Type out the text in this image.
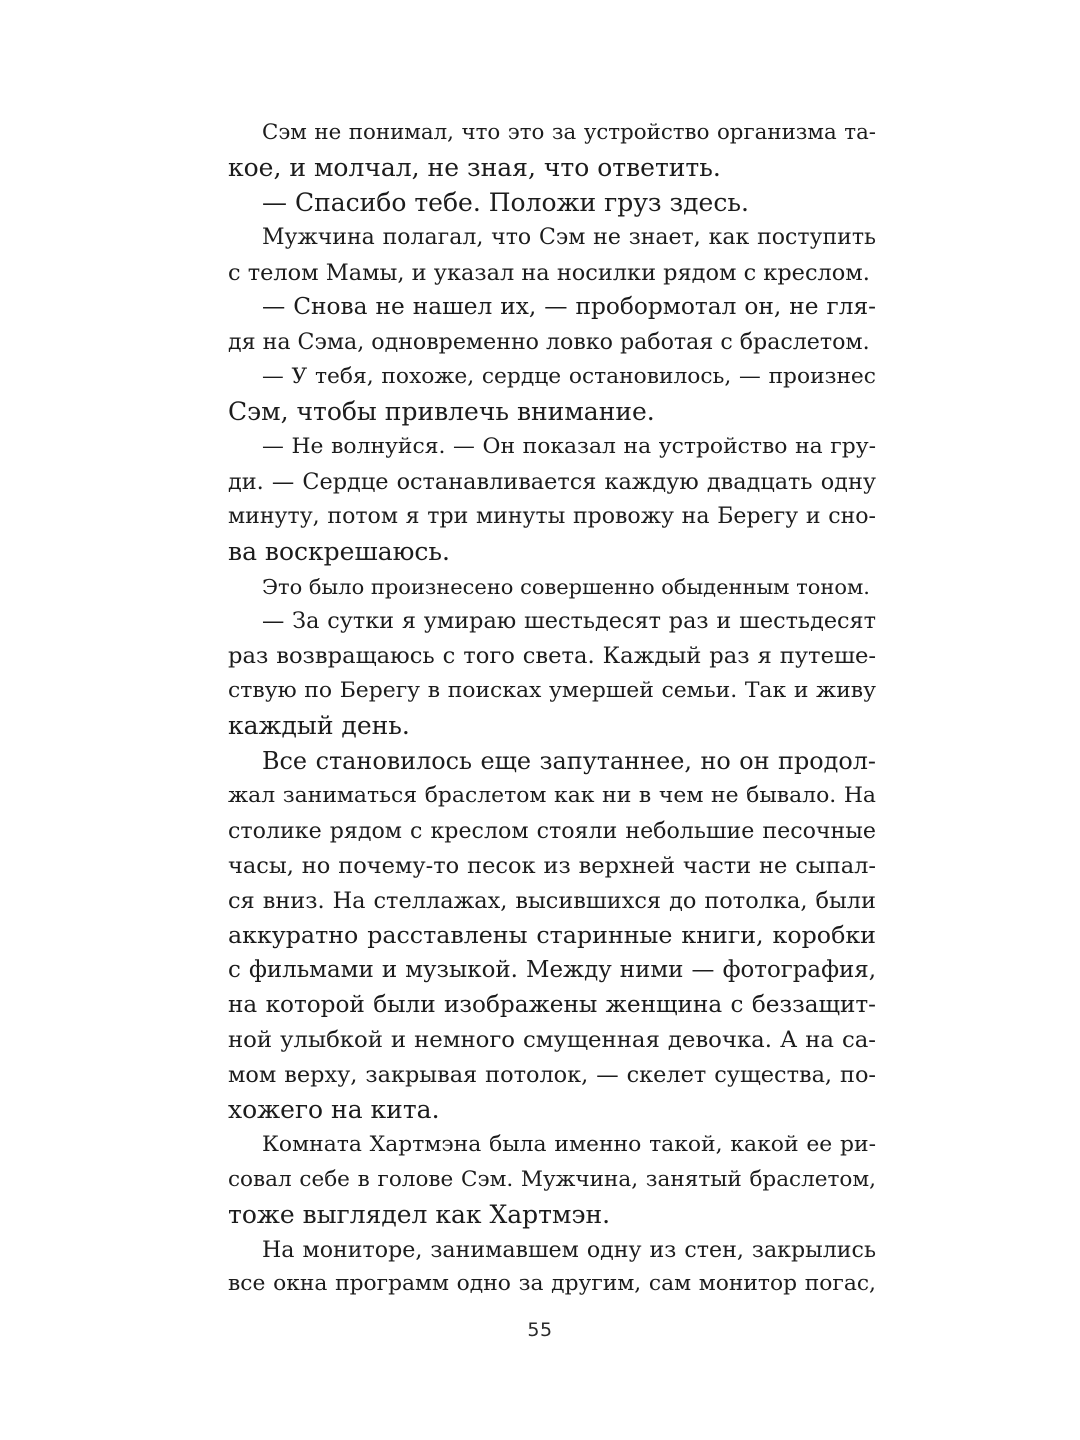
Сэм не понимал, что это за устройство организма та-
кое, и молчал, не зная, что ответить.
— Спасибо тебе. Положи груз здесь.
Мужчина полагал, что Сэм не знает, как поступить
с телом Мамы, и указал на носилки рядом с креслом.
— Снова не нашел их, — пробормотал он, не гля-
дя на Сэма, одновременно ловко работая с браслетом.
— У тебя, похоже, сердце остановилось, — произнес
Сэм, чтобы привлечь внимание.
— Не волнуйся. — Он показал на устройство на гру-
ди. — Сердце останавливается каждую двадцать одну
минуту, потом я три минуты провожу на Берегу и сно-
ва воскрешаюсь.
Это было произнесено совершенно обыденным тоном.
— За сутки я умираю шестьдесят раз и шестьдесят
раз возвращаюсь с того света. Каждый раз я путеше-
ствую по Берегу в поисках умершей семьи. Так и живу
каждый день.
Все становилось еще запутаннее, но он продол-
жал заниматься браслетом как ни в чем не бывало. На
столике рядом с креслом стояли небольшие песочные
часы, но почему-то песок из верхней части не сыпал-
ся вниз. На стеллажах, высившихся до потолка, были
аккуратно расставлены старинные книги, коробки
с фильмами и музыкой. Между ними — фотография,
на которой были изображены женщина с беззащит-
ной улыбкой и немного смущенная девочка. А на са-
мом верху, закрывая потолок, — скелет существа, по-
хожего на кита.
Комната Хартмэна была именно такой, какой ее ри-
совал себе в голове Сэм. Мужчина, занятый браслетом,
тоже выглядел как Хартмэн.
На мониторе, занимавшем одну из стен, закрылись
все окна программ одно за другим, сам монитор погас,
55
